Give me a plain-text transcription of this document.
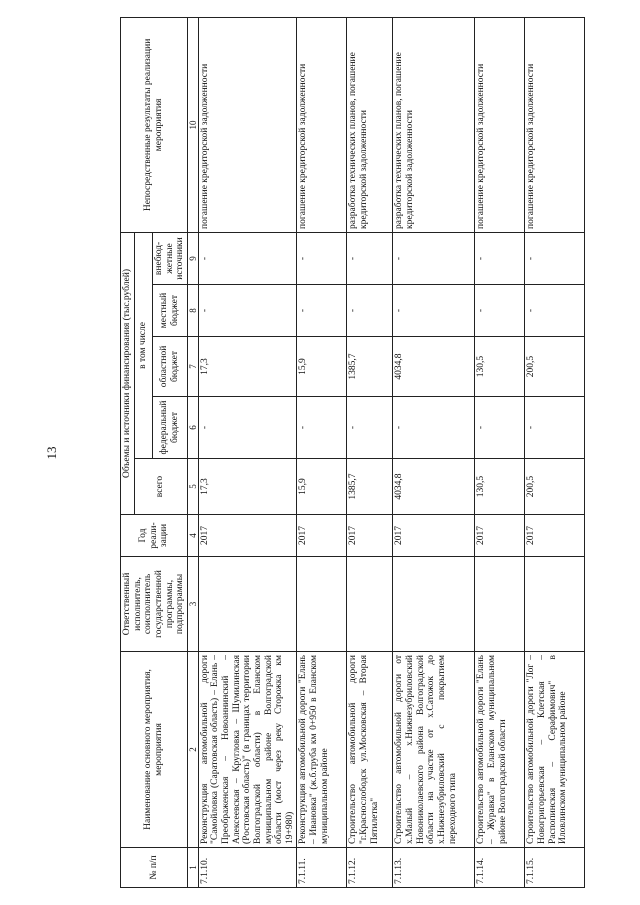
13
№ п/п	Наименование основного мероприятия, мероприятия	Ответственный исполнитель, соисполнитель государственной программы, подпрограммы	Год реали-зации	Объемы и источники финансирования (тыс.рублей)					Непосредственные результаты реализации мероприятия
				всего	в том числе				
					федеральный бюджет	областной бюджет	местный бюджет	внебюд-жетные источники	
1	2	3	4	5	6	7	8	9	10
7.1.10.	Реконструкция автомобильной дороги "Самойловка (Саратовская область) – Елань – Преображенская – Новоаннинский – Алексеевская – Кругловка – Шумилинская (Ростовская область)" (в границах территории Волгоградской области) в Еланском муниципальном районе Волгоградской области (мост через реку Сторожка км 19+980)		2017	17,3	-	17,3	-	-	погашение кредиторской задолженности
7.1.11.	Реконструкция автомобильной дороги "Елань – Ивановка" (ж.б.труба км 0+950 в Еланском муниципальном районе		2017	15,9	-	15,9	-	-	погашение кредиторской задолженности
7.1.12.	Строительство автомобильной дороги "г.Краснослободск ул.Московская – Вторая Пятилетка"		2017	1385,7	-	1385,7	-	-	разработка технических планов, погашение кредиторской задолженности
7.1.13.	Строительство автомобильной дороги от х.Малый – х.Нижнезубриловский Новониколаевского района Волгоградской области на участке от х.Сатожок до х.Нижнезубриловский с покрытием переходного типа		2017	4034,8	-	4034,8	-	-	разработка технических планов, погашение кредиторской задолженности
7.1.14.	Строительство автомобильной дороги "Елань – Журавка" в Еланском муниципальном районе Волгоградской области		2017	130,5	-	130,5	-	-	погашение кредиторской задолженности
7.1.15.	Строительство автомобильной дороги "Лог – Новогригорьевская – Клетская – Распопинская – Серафимович" в Иловлинском муниципальном районе		2017	200,5	-	200,5	-	-	погашение кредиторской задолженности
